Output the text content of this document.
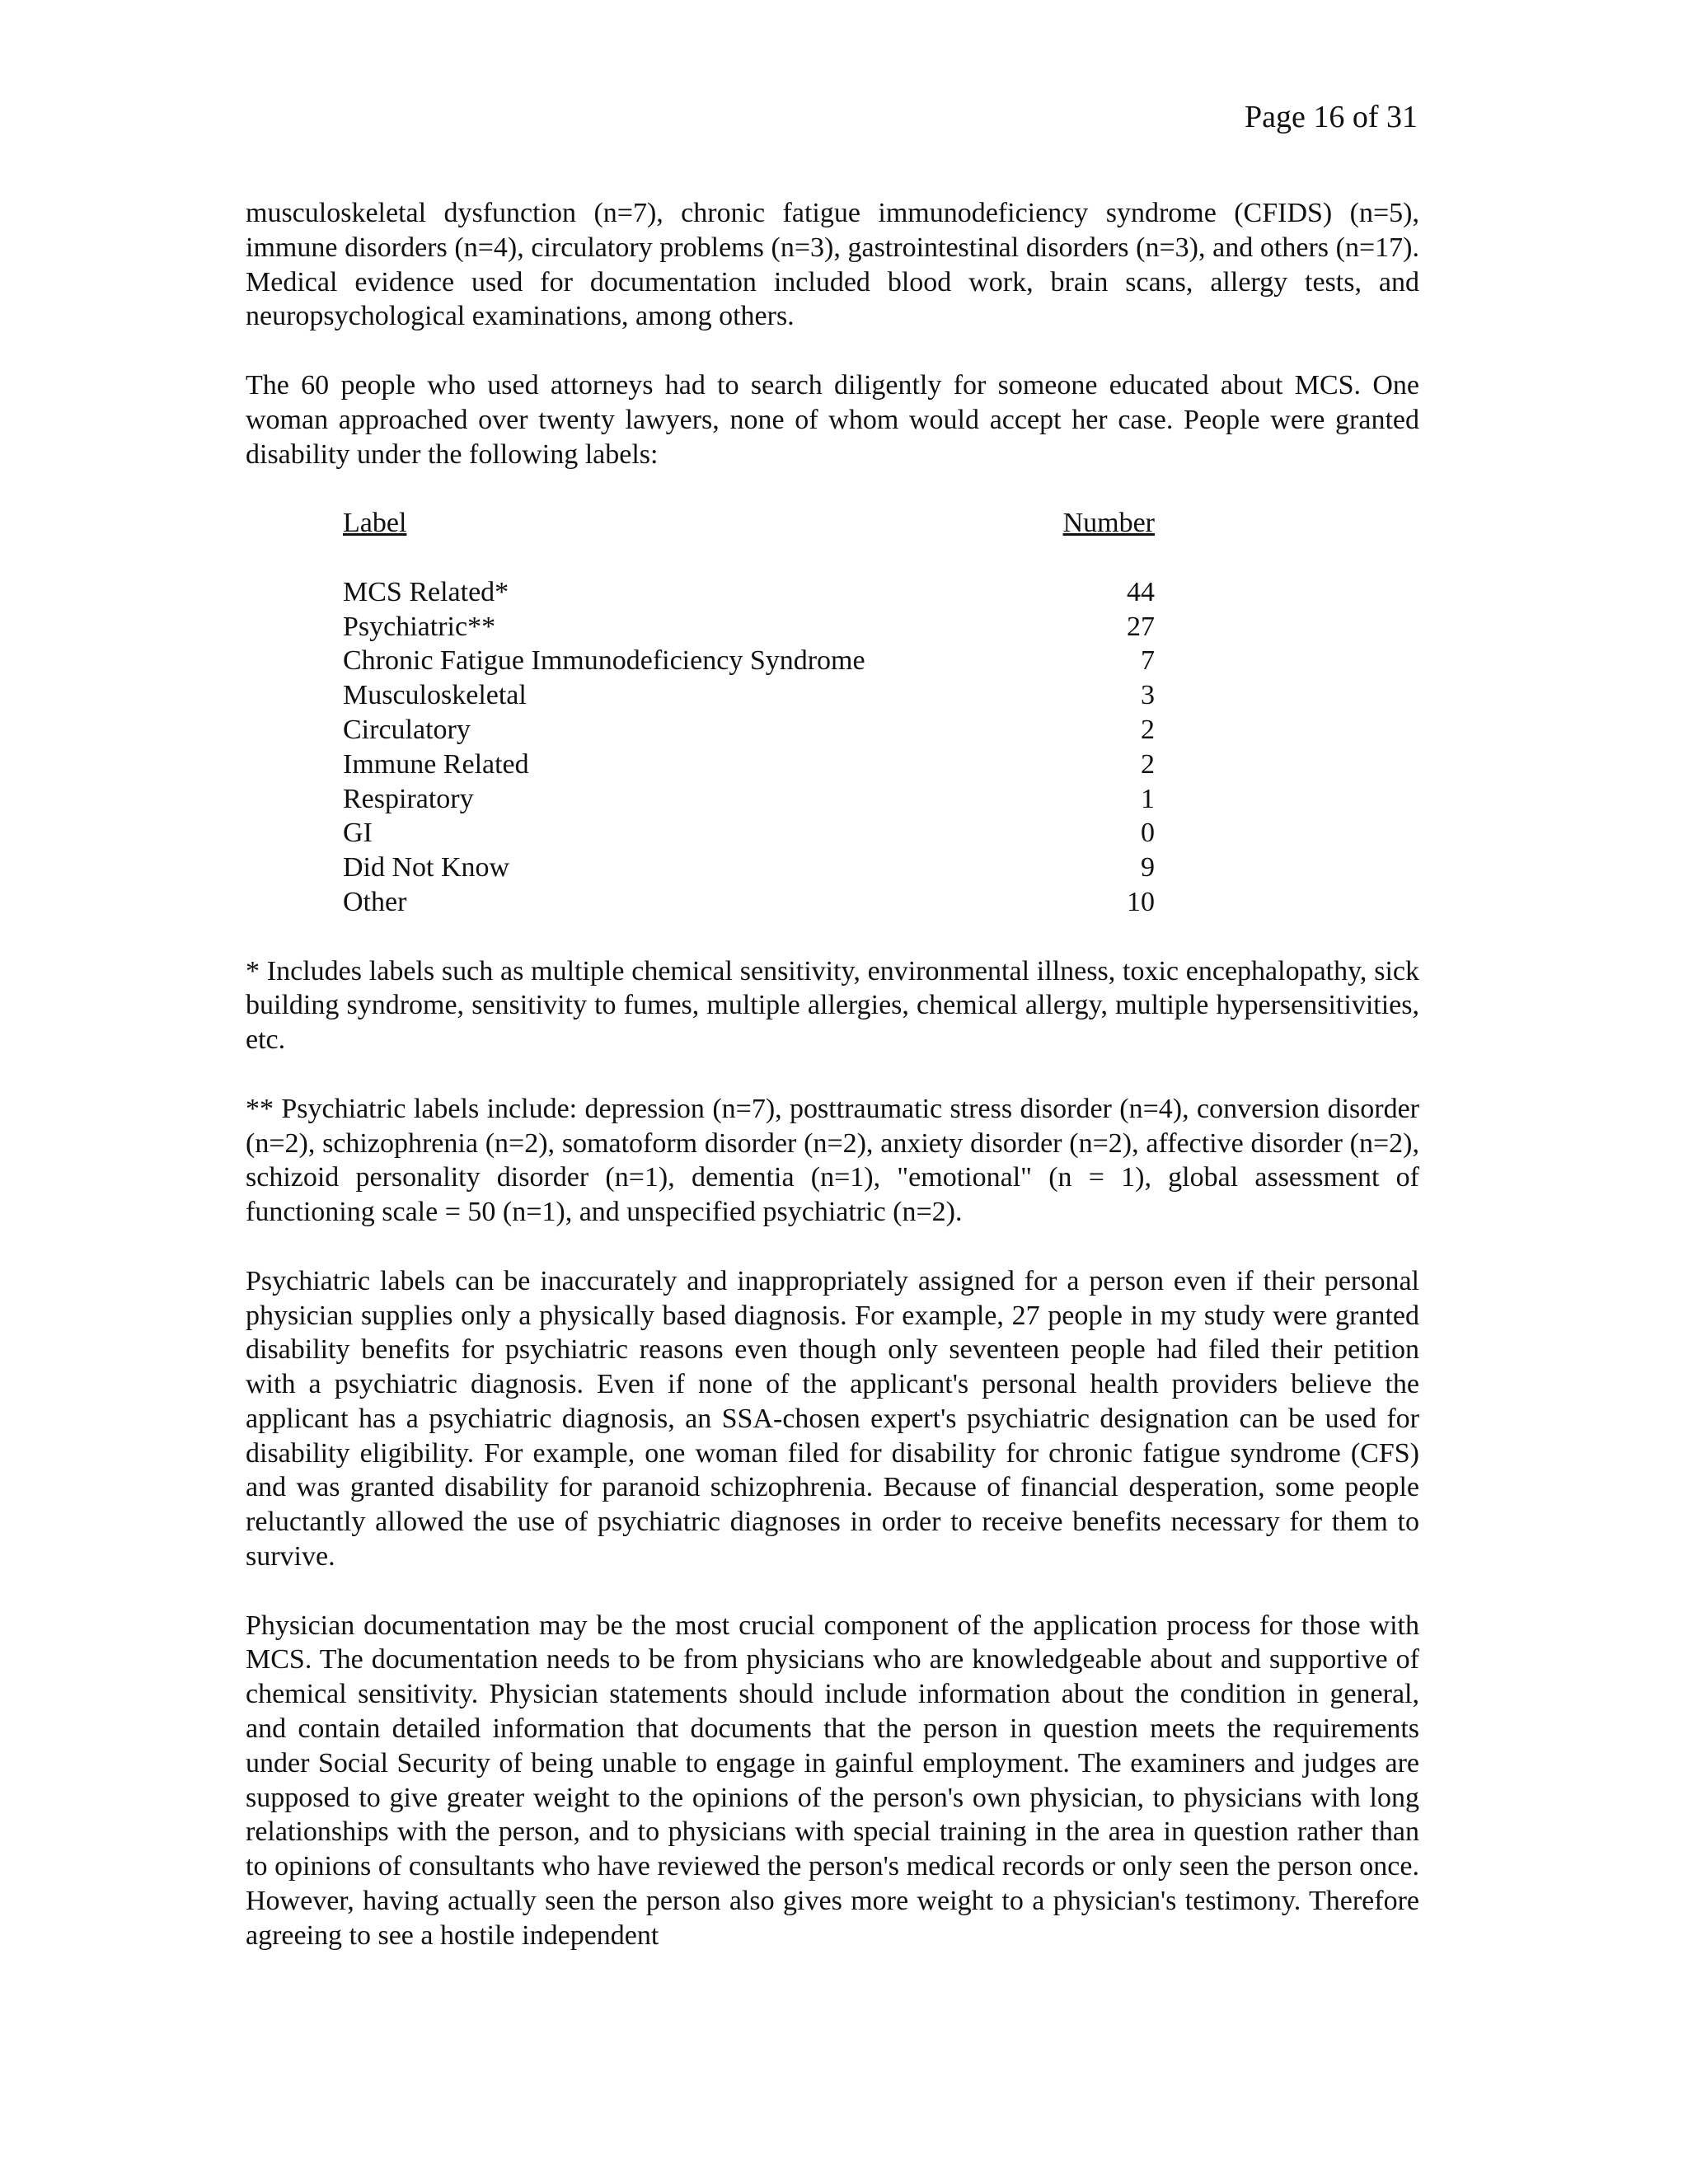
Page 16 of 31

musculoskeletal dysfunction (n=7), chronic fatigue immunodeficiency syndrome (CFIDS) (n=5), immune disorders (n=4), circulatory problems (n=3), gastrointestinal disorders (n=3), and others (n=17). Medical evidence used for documentation included blood work, brain scans, allergy tests, and neuropsychological examinations, among others.

The 60 people who used attorneys had to search diligently for someone educated about MCS. One woman approached over twenty lawyers, none of whom would accept her case. People were granted disability under the following labels:

Label	Number
MCS Related*	44
Psychiatric**	27
Chronic Fatigue Immunodeficiency Syndrome	7
Musculoskeletal	3
Circulatory	2
Immune Related	2
Respiratory	1
GI	0
Did Not Know	9
Other	10

* Includes labels such as multiple chemical sensitivity, environmental illness, toxic encephalopathy, sick building syndrome, sensitivity to fumes, multiple allergies, chemical allergy, multiple hypersensitivities, etc.

** Psychiatric labels include: depression (n=7), posttraumatic stress disorder (n=4), conversion disorder (n=2), schizophrenia (n=2), somatoform disorder (n=2), anxiety disorder (n=2), affective disorder (n=2), schizoid personality disorder (n=1), dementia (n=1), "emotional" (n = 1), global assessment of functioning scale = 50 (n=1), and unspecified psychiatric (n=2).

Psychiatric labels can be inaccurately and inappropriately assigned for a person even if their personal physician supplies only a physically based diagnosis. For example, 27 people in my study were granted disability benefits for psychiatric reasons even though only seventeen people had filed their petition with a psychiatric diagnosis. Even if none of the applicant's personal health providers believe the applicant has a psychiatric diagnosis, an SSA-chosen expert's psychiatric designation can be used for disability eligibility. For example, one woman filed for disability for chronic fatigue syndrome (CFS) and was granted disability for paranoid schizophrenia. Because of financial desperation, some people reluctantly allowed the use of psychiatric diagnoses in order to receive benefits necessary for them to survive.

Physician documentation may be the most crucial component of the application process for those with MCS. The documentation needs to be from physicians who are knowledgeable about and supportive of chemical sensitivity. Physician statements should include information about the condition in general, and contain detailed information that documents that the person in question meets the requirements under Social Security of being unable to engage in gainful employment. The examiners and judges are supposed to give greater weight to the opinions of the person's own physician, to physicians with long relationships with the person, and to physicians with special training in the area in question rather than to opinions of consultants who have reviewed the person's medical records or only seen the person once. However, having actually seen the person also gives more weight to a physician's testimony. Therefore agreeing to see a hostile independent
